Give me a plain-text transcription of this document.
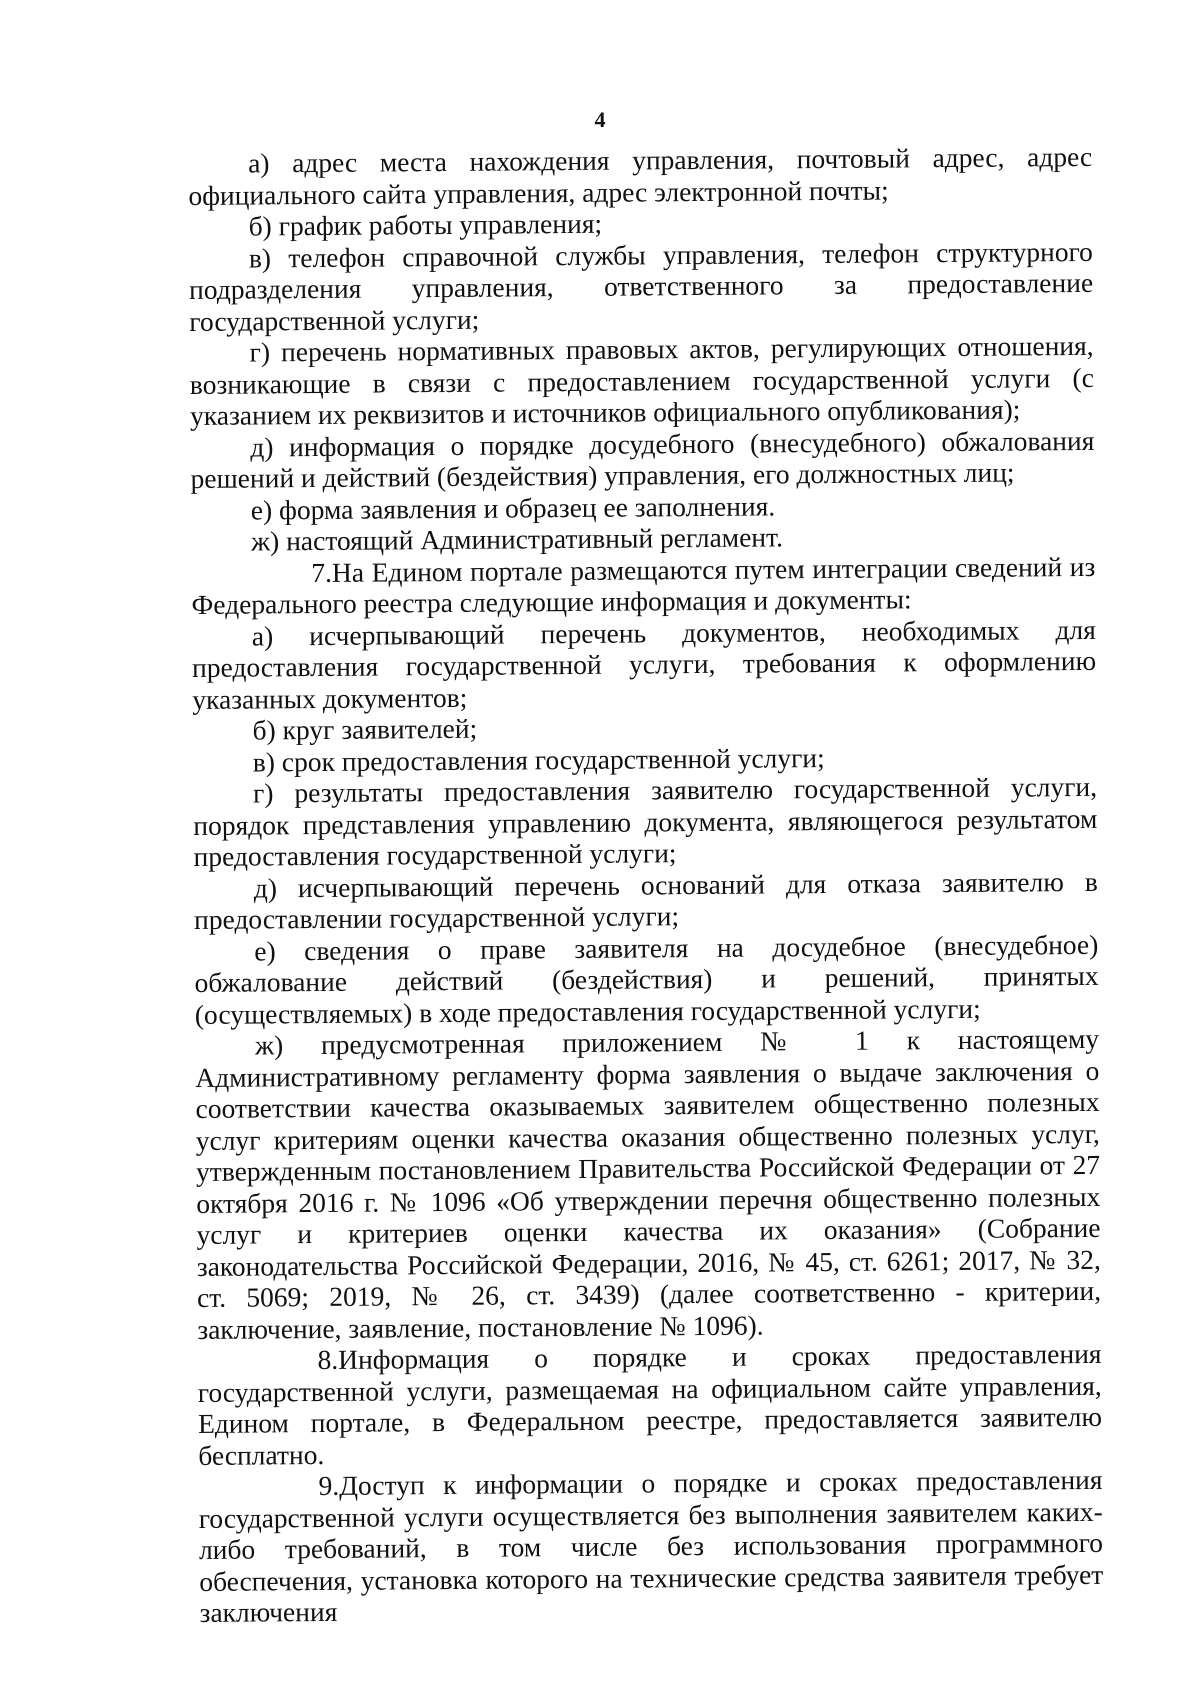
4

а) адрес места нахождения управления, почтовый адрес, адрес официального сайта управления, адрес электронной почты;

б) график работы управления;

в) телефон справочной службы управления, телефон структурного подразделения управления, ответственного за предоставление государственной услуги;

г) перечень нормативных правовых актов, регулирующих отношения, возникающие в связи с предоставлением государственной услуги (с указанием их реквизитов и источников официального опубликования);

д) информация о порядке досудебного (внесудебного) обжалования решений и действий (бездействия) управления, его должностных лиц;

е) форма заявления и образец ее заполнения.

ж) настоящий Административный регламент.

7.На Едином портале размещаются путем интеграции сведений из Федерального реестра следующие информация и документы:

а) исчерпывающий перечень документов, необходимых для предоставления государственной услуги, требования к оформлению указанных документов;

б) круг заявителей;

в) срок предоставления государственной услуги;

г) результаты предоставления заявителю государственной услуги, порядок представления управлению документа, являющегося результатом предоставления государственной услуги;

д) исчерпывающий перечень оснований для отказа заявителю в предоставлении государственной услуги;

е) сведения о праве заявителя на досудебное (внесудебное) обжалование действий (бездействия) и решений, принятых (осуществляемых) в ходе предоставления государственной услуги;

ж) предусмотренная приложением № 1 к настоящему Административному регламенту форма заявления о выдаче заключения о соответствии качества оказываемых заявителем общественно полезных услуг критериям оценки качества оказания общественно полезных услуг, утвержденным постановлением Правительства Российской Федерации от 27 октября 2016 г. № 1096 «Об утверждении перечня общественно полезных услуг и критериев оценки качества их оказания» (Собрание законодательства Российской Федерации, 2016, № 45, ст. 6261; 2017, № 32, ст. 5069; 2019, № 26, ст. 3439) (далее соответственно - критерии, заключение, заявление, постановление № 1096).

8.Информация о порядке и сроках предоставления государственной услуги, размещаемая на официальном сайте управления, Едином портале, в Федеральном реестре, предоставляется заявителю бесплатно.

9.Доступ к информации о порядке и сроках предоставления государственной услуги осуществляется без выполнения заявителем каких-либо требований, в том числе без использования программного обеспечения, установка которого на технические средства заявителя требует заключения
